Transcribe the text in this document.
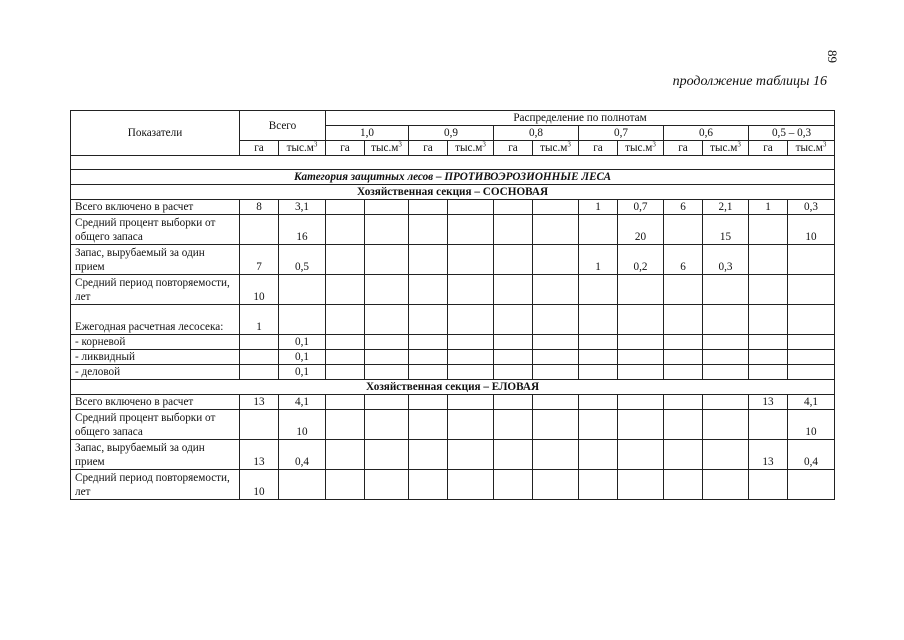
89
продолжение таблицы 16
Показатели	Всего		Распределение по полнотам											
			1,0		0,9		0,8		0,7		0,6		0,5 – 0,3	
	га	$тыс.м^3$	га	$тыс.м^3$	га	$тыс.м^3$	га	$тыс.м^3$	га	$тыс.м^3$	га	$тыс.м^3$	га	$тыс.м^3$

Категория защитных лесов – ПРОТИВОЭРОЗИОННЫЕ ЛЕСА														
Хозяйственная секция – СОСНОВАЯ														
Всего включено в расчет	8	3,1							1	0,7	6	2,1	1	0,3
Средний процент выборки от общего запаса		16								20		15		10
Запас, вырубаемый за один прием	7	0,5							1	0,2	6	0,3		
Средний период повторяемости, лет	10													
Ежегодная расчетная лесосека:	1													
- корневой		0,1												
- ликвидный		0,1												
- деловой		0,1												
Хозяйственная секция – ЕЛОВАЯ														
Всего включено в расчет	13	4,1											13	4,1
Средний процент выборки от общего запаса		10												10
Запас, вырубаемый за один прием	13	0,4											13	0,4
Средний период повторяемости, лет	10													
